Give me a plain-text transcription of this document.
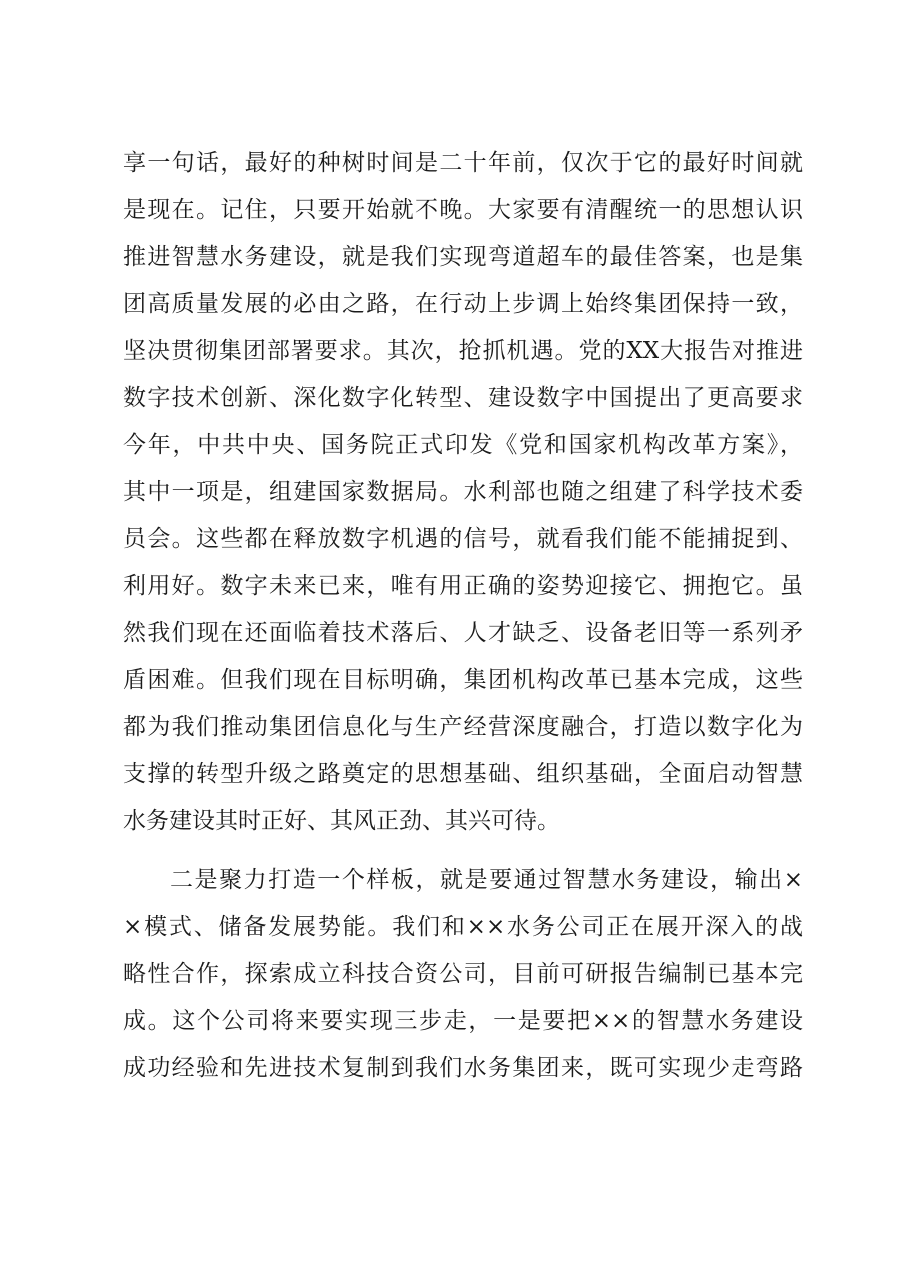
享一句话，最好的种树时间是二十年前，仅次于它的最好时间就
是现在。记住，只要开始就不晚。大家要有清醒统一的思想认识
推进智慧水务建设，就是我们实现弯道超车的最佳答案，也是集
团高质量发展的必由之路，在行动上步调上始终集团保持一致，
坚决贯彻集团部署要求。其次，抢抓机遇。党的XX大报告对推进
数字技术创新、深化数字化转型、建设数字中国提出了更高要求
今年，中共中央、国务院正式印发《党和国家机构改革方案》，
其中一项是，组建国家数据局。水利部也随之组建了科学技术委
员会。这些都在释放数字机遇的信号，就看我们能不能捕捉到、
利用好。数字未来已来，唯有用正确的姿势迎接它、拥抱它。虽
然我们现在还面临着技术落后、人才缺乏、设备老旧等一系列矛
盾困难。但我们现在目标明确，集团机构改革已基本完成，这些
都为我们推动集团信息化与生产经营深度融合，打造以数字化为
支撑的转型升级之路奠定的思想基础、组织基础，全面启动智慧
水务建设其时正好、其风正劲、其兴可待。
二是聚力打造一个样板，就是要通过智慧水务建设，输出×
×模式、储备发展势能。我们和××水务公司正在展开深入的战
略性合作，探索成立科技合资公司，目前可研报告编制已基本完
成。这个公司将来要实现三步走，一是要把××的智慧水务建设
成功经验和先进技术复制到我们水务集团来，既可实现少走弯路
